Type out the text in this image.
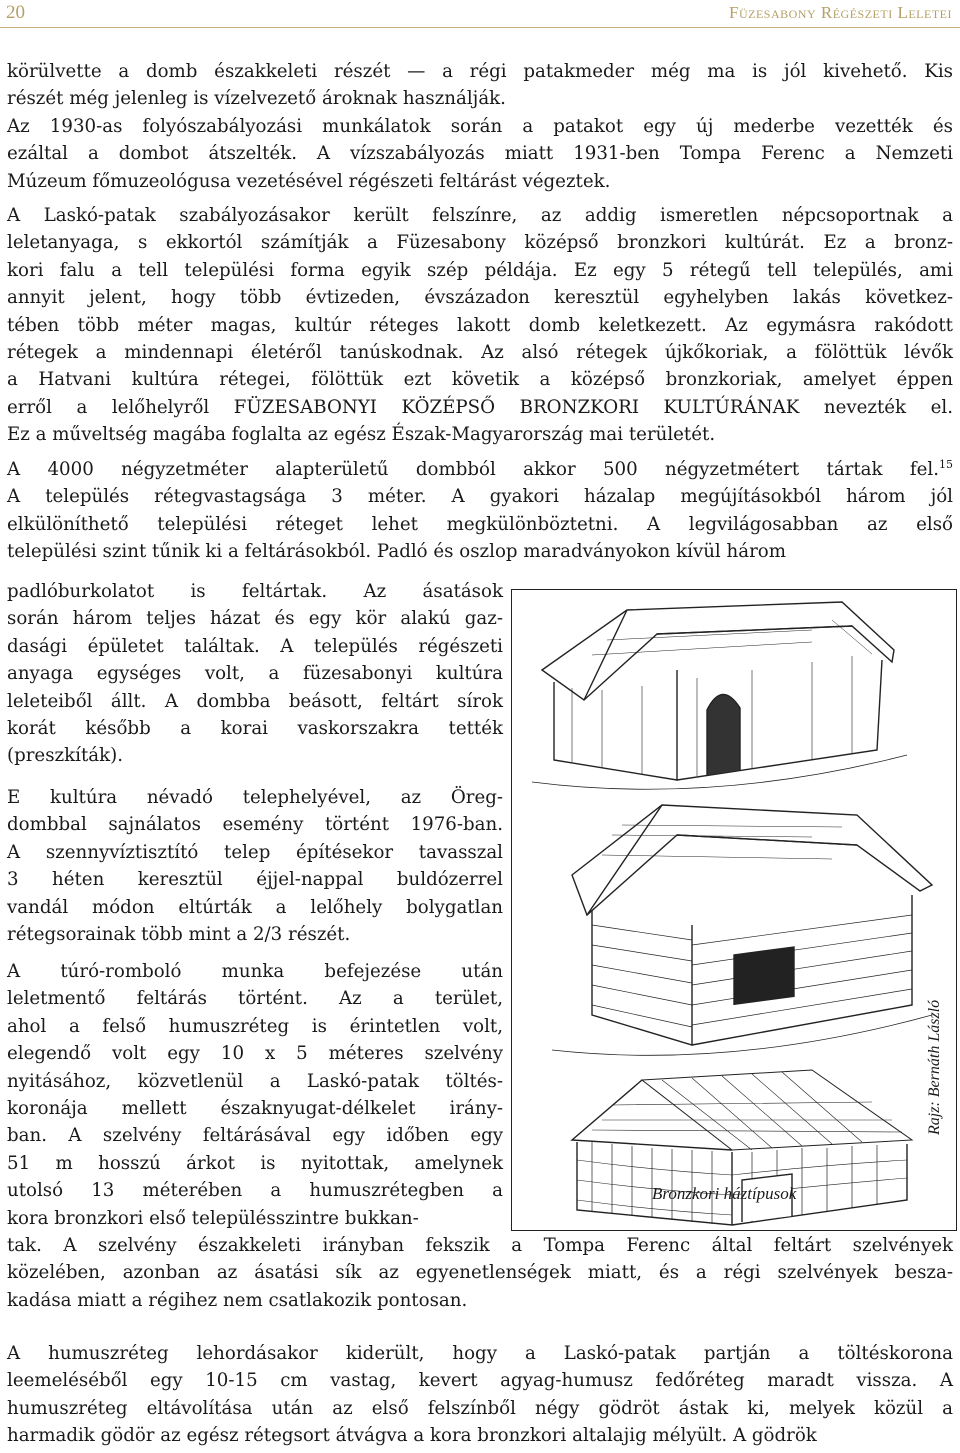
20	Füzesabony Régészeti Leletei
körülvette a domb északkeleti részét — a régi patakmeder még ma is jól kivehető. Kis
részét még jelenleg is vízelvezető ároknak használják.
Az 1930-as folyószabályozási munkálatok során a patakot egy új mederbe vezették és
ezáltal a dombot átszelték. A vízszabályozás miatt 1931-ben Tompa Ferenc a Nemzeti
Múzeum főmuzeológusa vezetésével régészeti feltárást végeztek.
A Laskó-patak szabályozásakor került felszínre, az addig ismeretlen népcsoportnak a
leletanyaga, s ekkortól számítják a Füzesabony középső bronzkori kultúrát. Ez a bronz-
kori falu a tell települési forma egyik szép példája. Ez egy 5 rétegű tell település, ami
annyit jelent, hogy több évtizeden, évszázadon keresztül egyhelyben lakás következ-
tében több méter magas, kultúr réteges lakott domb keletkezett. Az egymásra rakódott
rétegek a mindennapi életéről tanúskodnak. Az alsó rétegek újkőkoriak, a fölöttük lévők
a Hatvani kultúra rétegei, fölöttük ezt követik a középső bronzkoriak, amelyet éppen
erről a lelőhelyről FÜZESABONYI KÖZÉPSŐ BRONZKORI KULTÚRÁNAK nevezték el.
Ez a műveltség magába foglalta az egész Észak-Magyarország mai területét.
A 4000 négyzetméter alapterületű dombból akkor 500 négyzetmétert tártak fel.$^{15}$
A település rétegvastagsága 3 méter. A gyakori házalap megújításokból három jól
elkülöníthető települési réteget lehet megkülönböztetni. A legvilágosabban az első
települési szint tűnik ki a feltárásokból. Padló és oszlop maradványokon kívül három
padlóburkolatot is feltártak. Az ásatások
során három teljes házat és egy kör alakú gaz-
dasági épületet találtak. A település régészeti
anyaga egységes volt, a füzesabonyi kultúra
leleteiből állt. A dombba beásott, feltárt sírok
korát később a korai vaskorszakra tették
(preszkíták).
E kultúra névadó telephelyével, az Öreg-
dombbal sajnálatos esemény történt 1976-ban.
A szennyvíztisztító telep építésekor tavasszal
3 héten keresztül éjjel-nappal buldózerrel
vandál módon eltúrták a lelőhely bolygatlan
rétegsorainak több mint a 2/3 részét.
A túró-romboló munka befejezése után
leletmentő feltárás történt. Az a terület,
ahol a felső humuszréteg is érintetlen volt,
elegendő volt egy 10 x 5 méteres szelvény
nyitásához, közvetlenül a Laskó-patak töltés-
koronája mellett északnyugat-délkelet irány-
ban. A szelvény feltárásával egy időben egy
51 m hosszú árkot is nyitottak, amelynek
utolsó 13 méterében a humuszrétegben a
kora bronzkori első településszintre bukkan-
tak. A szelvény északkeleti irányban fekszik a Tompa Ferenc által feltárt szelvények
közelében, azonban az ásatási sík az egyenetlenségek miatt, és a régi szelvények besza-
kadása miatt a régihez nem csatlakozik pontosan.
A humuszréteg lehordásakor kiderült, hogy a Laskó-patak partján a töltéskorona
leemeléséből egy 10-15 cm vastag, kevert agyag-humusz fedőréteg maradt vissza. A
humuszréteg eltávolítása után az első felszínből négy gödröt ástak ki, melyek közül a
harmadik gödör az egész rétegsort átvágva a kora bronzkori altalajig mélyült. A gödrök
Bronzkori háztípusok
Rajz: Bernáth László
